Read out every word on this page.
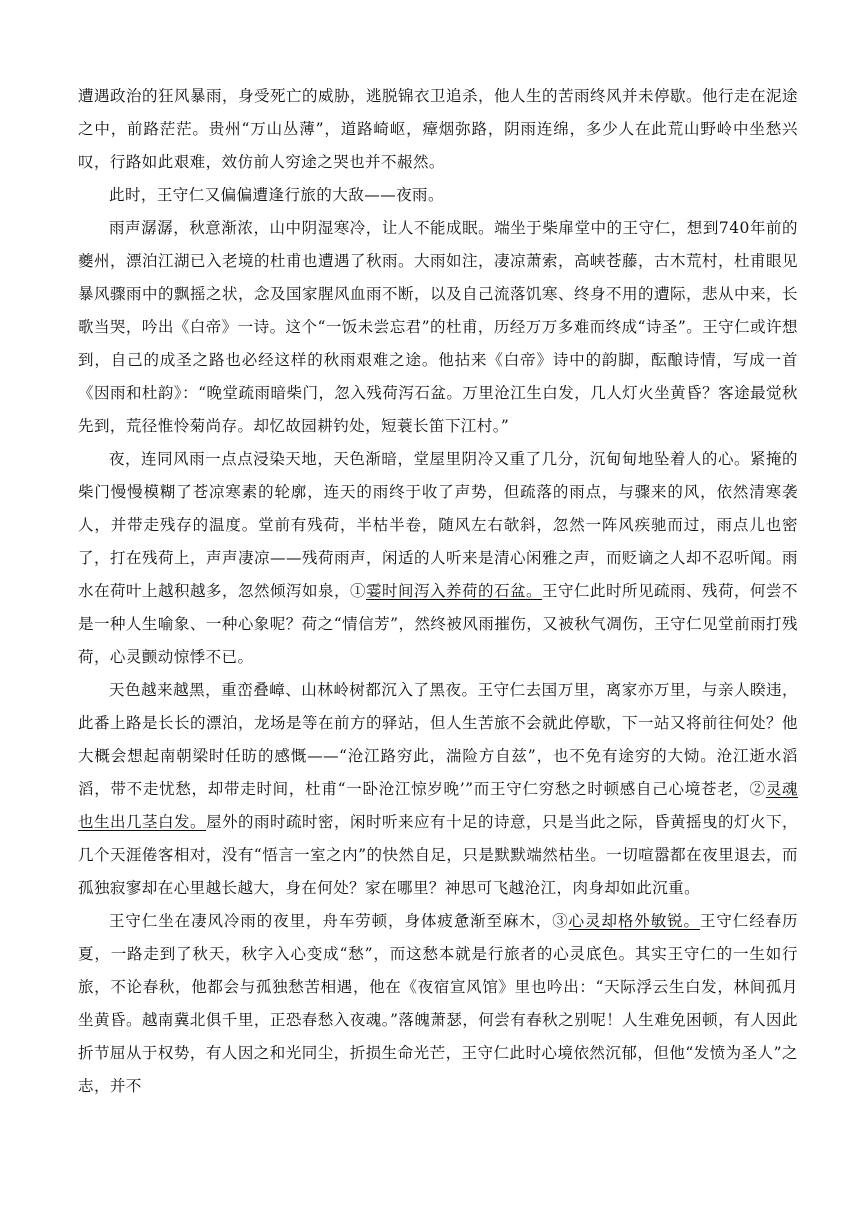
遭遇政治的狂风暴雨，身受死亡的威胁，逃脱锦衣卫追杀，他人生的苦雨终风并未停歇。他行走在泥途之中，前路茫茫。贵州“万山丛薄”，道路崎岖，瘴烟弥路，阴雨连绵，多少人在此荒山野岭中坐愁兴叹，行路如此艰难，效仿前人穷途之哭也并不赧然。

此时，王守仁又偏偏遭逢行旅的大敌——夜雨。

雨声潺潺，秋意渐浓，山中阴湿寒冷，让人不能成眠。端坐于柴扉堂中的王守仁，想到740年前的夔州，漂泊江湖已入老境的杜甫也遭遇了秋雨。大雨如注，凄凉萧索，高峡苍藤，古木荒村，杜甫眼见暴风骤雨中的飘摇之状，念及国家腥风血雨不断，以及自己流落饥寒、终身不用的遭际，悲从中来，长歌当哭，吟出《白帝》一诗。这个“一饭未尝忘君”的杜甫，历经万万多难而终成“诗圣”。王守仁或许想到，自己的成圣之路也必经这样的秋雨艰难之途。他拈来《白帝》诗中的韵脚，酝酿诗情，写成一首《因雨和杜韵》：“晚堂疏雨暗柴门，忽入残荷泻石盆。万里沧江生白发，几人灯火坐黄昏？客途最觉秋先到，荒径惟怜菊尚存。却忆故园耕钓处，短蓑长笛下江村。”

夜，连同风雨一点点浸染天地，天色渐暗，堂屋里阴冷又重了几分，沉甸甸地坠着人的心。紧掩的柴门慢慢模糊了苍凉寒素的轮廓，连天的雨终于收了声势，但疏落的雨点，与骤来的风，依然清寒袭人，并带走残存的温度。堂前有残荷，半枯半卷，随风左右欹斜，忽然一阵风疾驰而过，雨点儿也密了，打在残荷上，声声凄凉——残荷雨声，闲适的人听来是清心闲雅之声，而贬谪之人却不忍听闻。雨水在荷叶上越积越多，忽然倾泻如泉，①霎时间泻入养荷的石盆。王守仁此时所见疏雨、残荷，何尝不是一种人生喻象、一种心象呢？荷之“情信芳”，然终被风雨摧伤，又被秋气凋伤，王守仁见堂前雨打残荷，心灵颤动惊悸不已。

天色越来越黑，重峦叠嶂、山林岭树都沉入了黑夜。王守仁去国万里，离家亦万里，与亲人睽违，此番上路是长长的漂泊，龙场是等在前方的驿站，但人生苦旅不会就此停歇，下一站又将前往何处？他大概会想起南朝梁时任昉的感慨——“沧江路穷此，湍险方自兹”，也不免有途穷的大恸。沧江逝水滔滔，带不走忧愁，却带走时间，杜甫“一卧沧江惊岁晚’”而王守仁穷愁之时顿感自己心境苍老，②灵魂也生出几茎白发。屋外的雨时疏时密，闲时听来应有十足的诗意，只是当此之际，昏黄摇曳的灯火下，几个天涯倦客相对，没有“悟言一室之内”的快然自足，只是默默端然枯坐。一切喧嚣都在夜里退去，而孤独寂寥却在心里越长越大，身在何处？家在哪里？神思可飞越沧江，肉身却如此沉重。

王守仁坐在凄风冷雨的夜里，舟车劳顿，身体疲惫渐至麻木，③心灵却格外敏锐。王守仁经春历夏，一路走到了秋天，秋字入心变成“愁”，而这愁本就是行旅者的心灵底色。其实王守仁的一生如行旅，不论春秋，他都会与孤独愁苦相遇，他在《夜宿宣风馆》里也吟出：“天际浮云生白发，林间孤月坐黄昏。越南冀北俱千里，正恐春愁入夜魂。”落魄萧瑟，何尝有春秋之别呢！人生难免困顿，有人因此折节屈从于权势，有人因之和光同尘，折损生命光芒，王守仁此时心境依然沉郁，但他“发愤为圣人”之志，并不
